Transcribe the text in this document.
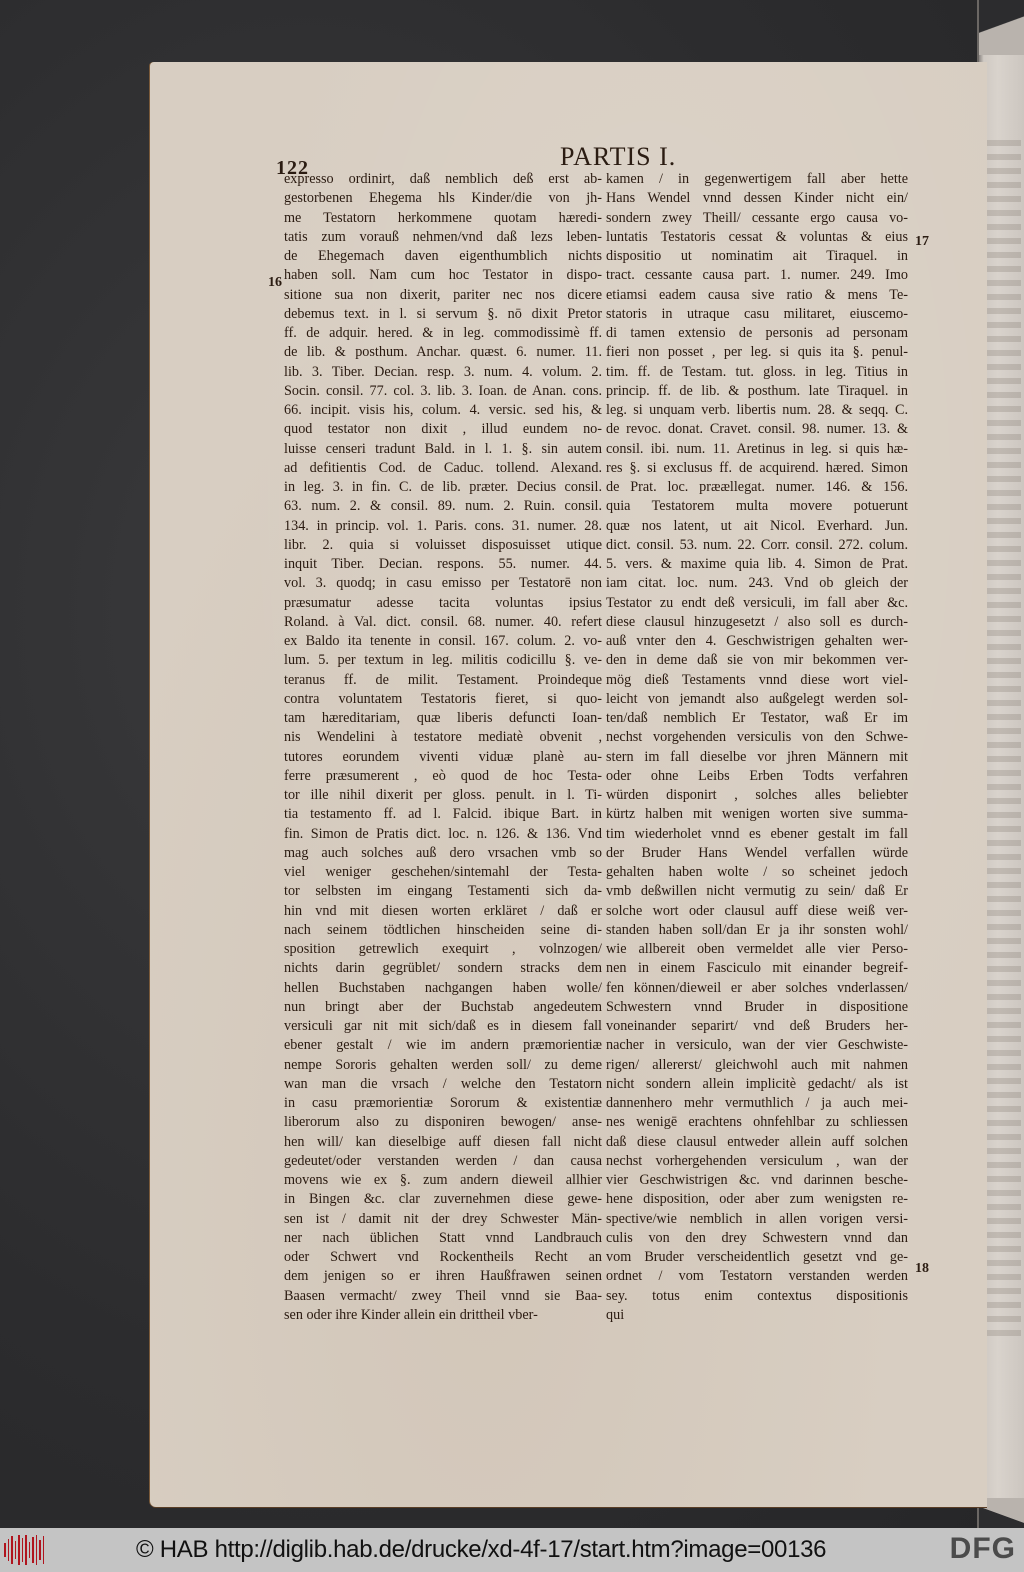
122	PARTIS I.
16
17
18
expresso ordinirt, daß nemblich deß erst ab-
gestorbenen Ehegema hls Kinder/die von jh-
me Testatorn herkommene quotam hæredi-
tatis zum vorauß nehmen/vnd daß lezs leben-
de Ehegemach daven eigenthumblich nichts
haben soll. Nam cum hoc Testator in dispo-
sitione sua non dixerit, pariter nec nos dicere
debemus text. in l. si servum §. nō dixit Pretor
ff. de adquir. hered. & in leg. commodissimè ff.
de lib. & posthum. Anchar. quæst. 6. numer. 11.
lib. 3. Tiber. Decian. resp. 3. num. 4. volum. 2.
Socin. consil. 77. col. 3. lib. 3. Ioan. de Anan. cons.
66. incipit. visis his, colum. 4. versic. sed his, &
quod testator non dixit , illud eundem no-
luisse censeri tradunt Bald. in l. 1. §. sin autem
ad defitientis Cod. de Caduc. tollend. Alexand.
in leg. 3. in fin. C. de lib. præter. Decius consil.
63. num. 2. & consil. 89. num. 2. Ruin. consil.
134. in princip. vol. 1. Paris. cons. 31. numer. 28.
libr. 2. quia si voluisset disposuisset utique
inquit Tiber. Decian. respons. 55. numer. 44.
vol. 3. quodq; in casu emisso per Testatorē non
præsumatur adesse tacita voluntas ipsius
Roland. à Val. dict. consil. 68. numer. 40. refert
ex Baldo ita tenente in consil. 167. colum. 2. vo-
lum. 5. per textum in leg. militis codicillu §. ve-
teranus ff. de milit. Testament. Proindeque
contra voluntatem Testatoris fieret, si quo-
tam hæreditariam, quæ liberis defuncti Ioan-
nis Wendelini à testatore mediatè obvenit ,
tutores eorundem viventi viduæ planè au-
ferre præsumerent , eò quod de hoc Testa-
tor ille nihil dixerit per gloss. penult. in l. Ti-
tia testamento ff. ad l. Falcid. ibique Bart. in
fin. Simon de Pratis dict. loc. n. 126. & 136. Vnd
mag auch solches auß dero vrsachen vmb so
viel weniger geschehen/sintemahl der Testa-
tor selbsten im eingang Testamenti sich da-
hin vnd mit diesen worten erkläret / daß er
nach seinem tödtlichen hinscheiden seine di-
sposition getrewlich exequirt , volnzogen/
nichts darin gegrüblet/ sondern stracks dem
hellen Buchstaben nachgangen haben wolle/
nun bringt aber der Buchstab angedeutem
versiculi gar nit mit sich/daß es in diesem fall
ebener gestalt / wie im andern præmorientiæ
nempe Sororis gehalten werden soll/ zu deme
wan man die vrsach / welche den Testatorn
in casu præmorientiæ Sororum & existentiæ
liberorum also zu disponiren bewogen/ anse-
hen will/ kan dieselbige auff diesen fall nicht
gedeutet/oder verstanden werden / dan causa
movens wie ex §. zum andern dieweil allhier
in Bingen &c. clar zuvernehmen diese gewe-
sen ist / damit nit der drey Schwester Män-
ner nach üblichen Statt vnnd Landbrauch
oder Schwert vnd Rockentheils Recht an
dem jenigen so er ihren Haußfrawen seinen
Baasen vermacht/ zwey Theil vnnd sie Baa-
sen oder ihre Kinder allein ein drittheil vber-
kamen / in gegenwertigem fall aber hette
Hans Wendel vnnd dessen Kinder nicht ein/
sondern zwey Theill/ cessante ergo causa vo-
luntatis Testatoris cessat & voluntas & eius
dispositio ut nominatim ait Tiraquel. in
tract. cessante causa part. 1. numer. 249. Imo
etiamsi eadem causa sive ratio & mens Te-
statoris in utraque casu militaret, eiuscemo-
di tamen extensio de personis ad personam
fieri non posset , per leg. si quis ita §. penul-
tim. ff. de Testam. tut. gloss. in leg. Titius in
princip. ff. de lib. & posthum. late Tiraquel. in
leg. si unquam verb. libertis num. 28. & seqq. C.
de revoc. donat. Cravet. consil. 98. numer. 13. &
consil. ibi. num. 11. Aretinus in leg. si quis hæ-
res §. si exclusus ff. de acquirend. hæred. Simon
de Prat. loc. præællegat. numer. 146. & 156.
quia Testatorem multa movere potuerunt
quæ nos latent, ut ait Nicol. Everhard. Jun.
dict. consil. 53. num. 22. Corr. consil. 272. colum.
5. vers. & maxime quia lib. 4. Simon de Prat.
iam citat. loc. num. 243. Vnd ob gleich der
Testator zu endt deß versiculi, im fall aber &c.
diese clausul hinzugesetzt / also soll es durch-
auß vnter den 4. Geschwistrigen gehalten wer-
den in deme daß sie von mir bekommen ver-
mög dieß Testaments vnnd diese wort viel-
leicht von jemandt also außgelegt werden sol-
ten/daß nemblich Er Testator, waß Er im
nechst vorgehenden versiculis von den Schwe-
stern im fall dieselbe vor jhren Männern mit
oder ohne Leibs Erben Todts verfahren
würden disponirt , solches alles beliebter
kürtz halben mit wenigen worten sive summa-
tim wiederholet vnnd es ebener gestalt im fall
der Bruder Hans Wendel verfallen würde
gehalten haben wolte / so scheinet jedoch
vmb deßwillen nicht vermutig zu sein/ daß Er
solche wort oder clausul auff diese weiß ver-
standen haben soll/dan Er ja ihr sonsten wohl/
wie allbereit oben vermeldet alle vier Perso-
nen in einem Fasciculo mit einander begreif-
fen können/dieweil er aber solches vnderlassen/
Schwestern vnnd Bruder in dispositione
voneinander separirt/ vnd deß Bruders her-
nacher in versiculo, wan der vier Geschwiste-
rigen/ allererst/ gleichwohl auch mit nahmen
nicht sondern allein implicitè gedacht/ als ist
dannenhero mehr vermuthlich / ja auch mei-
nes wenigē erachtens ohnfehlbar zu schliessen
daß diese clausul entweder allein auff solchen
nechst vorhergehenden versiculum , wan der
vier Geschwistrigen &c. vnd darinnen besche-
hene disposition, oder aber zum wenigsten re-
spective/wie nemblich in allen vorigen versi-
culis von den drey Schwestern vnnd dan
vom Bruder verscheidentlich gesetzt vnd ge-
ordnet / vom Testatorn verstanden werden
sey. totus enim contextus dispositionis
qui
© HAB http://diglib.hab.de/drucke/xd-4f-17/start.htm?image=00136	DFG
